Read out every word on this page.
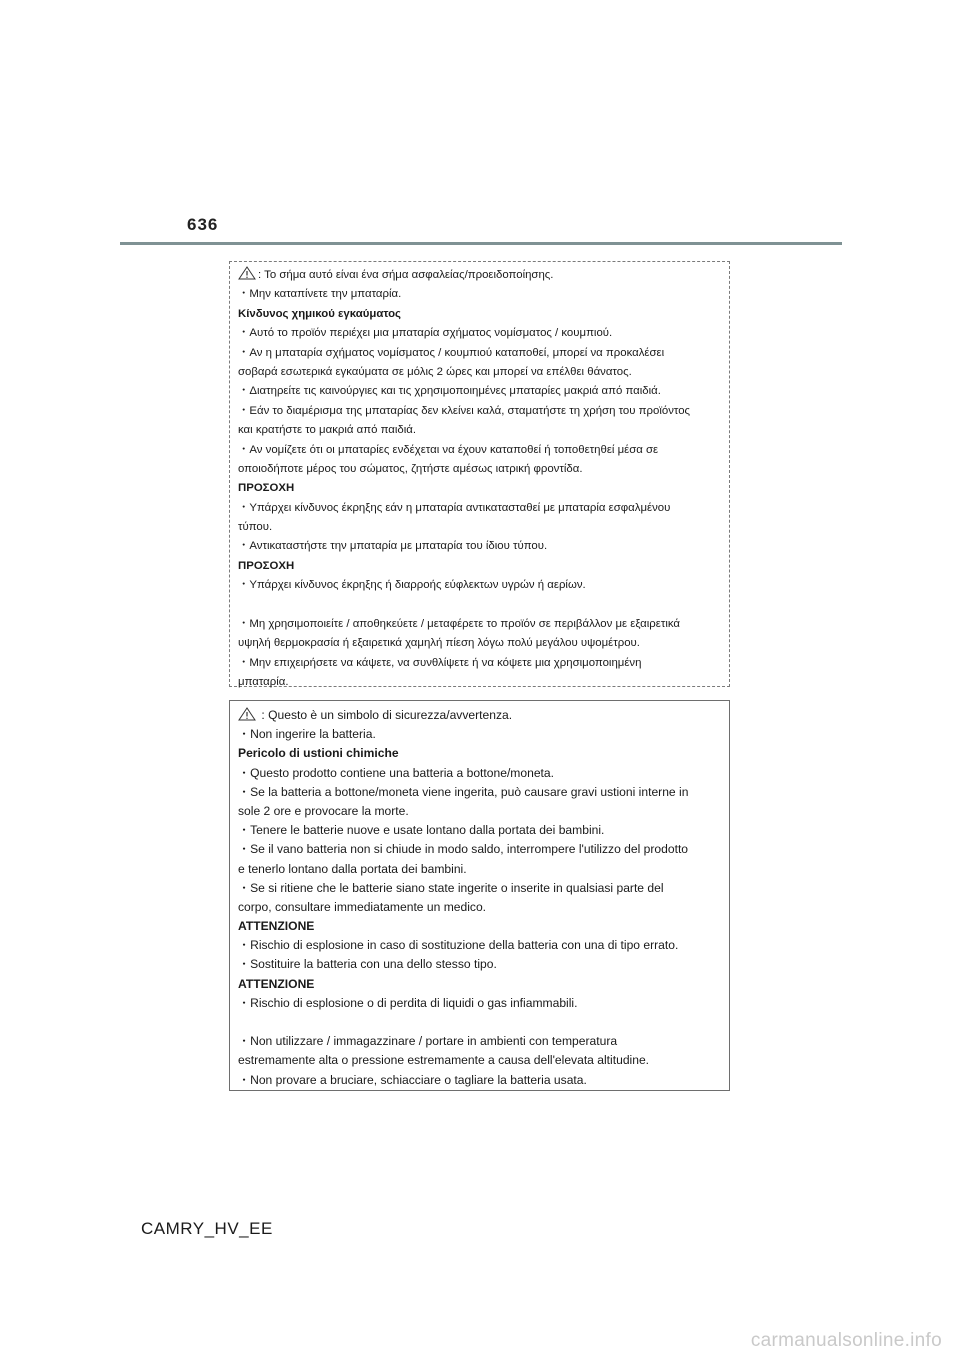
636
: Το σήμα αυτό είναι ένα σήμα ασφαλείας/προειδοποίησης.
・Μην καταπίνετε την μπαταρία.
Κίνδυνος χημικού εγκαύματος
・Αυτό το προϊόν περιέχει μια μπαταρία σχήματος νομίσματος / κουμπιού.
・Αν η μπαταρία σχήματος νομίσματος / κουμπιού καταποθεί, μπορεί να προκαλέσει
σοβαρά εσωτερικά εγκαύματα σε μόλις 2 ώρες και μπορεί να επέλθει θάνατος.
・Διατηρείτε τις καινούργιες και τις χρησιμοποιημένες μπαταρίες μακριά από παιδιά.
・Εάν το διαμέρισμα της μπαταρίας δεν κλείνει καλά, σταματήστε τη χρήση του προϊόντος
και κρατήστε το μακριά από παιδιά.
・Αν νομίζετε ότι οι μπαταρίες ενδέχεται να έχουν καταποθεί ή τοποθετηθεί μέσα σε
οποιοδήποτε μέρος του σώματος, ζητήστε αμέσως ιατρική φροντίδα.
ΠΡΟΣΟΧΗ
・Υπάρχει κίνδυνος έκρηξης εάν η μπαταρία αντικατασταθεί με μπαταρία εσφαλμένου
τύπου.
・Αντικαταστήστε την μπαταρία με μπαταρία του ίδιου τύπου.
ΠΡΟΣΟΧΗ
・Υπάρχει κίνδυνος έκρηξης ή διαρροής εύφλεκτων υγρών ή αερίων.
・Μη χρησιμοποιείτε / αποθηκεύετε / μεταφέρετε το προϊόν σε περιβάλλον με εξαιρετικά
υψηλή θερμοκρασία ή εξαιρετικά χαμηλή πίεση λόγω πολύ μεγάλου υψομέτρου.
・Μην επιχειρήσετε να κάψετε, να συνθλίψετε ή να κόψετε μια χρησιμοποιημένη
μπαταρία.
: Questo è un simbolo di sicurezza/avvertenza.
・Non ingerire la batteria.
Pericolo di ustioni chimiche
・Questo prodotto contiene una batteria a bottone/moneta.
・Se la batteria a bottone/moneta viene ingerita, può causare gravi ustioni interne in
sole 2 ore e provocare la morte.
・Tenere le batterie nuove e usate lontano dalla portata dei bambini.
・Se il vano batteria non si chiude in modo saldo, interrompere l'utilizzo del prodotto
e tenerlo lontano dalla portata dei bambini.
・Se si ritiene che le batterie siano state ingerite o inserite in qualsiasi parte del
corpo, consultare immediatamente un medico.
ATTENZIONE
・Rischio di esplosione in caso di sostituzione della batteria con una di tipo errato.
・Sostituire la batteria con una dello stesso tipo.
ATTENZIONE
・Rischio di esplosione o di perdita di liquidi o gas infiammabili.
・Non utilizzare / immagazzinare / portare in ambienti con temperatura
estremamente alta o pressione estremamente a causa dell'elevata altitudine.
・Non provare a bruciare, schiacciare o tagliare la batteria usata.
CAMRY_HV_EE
carmanualsonline.info
